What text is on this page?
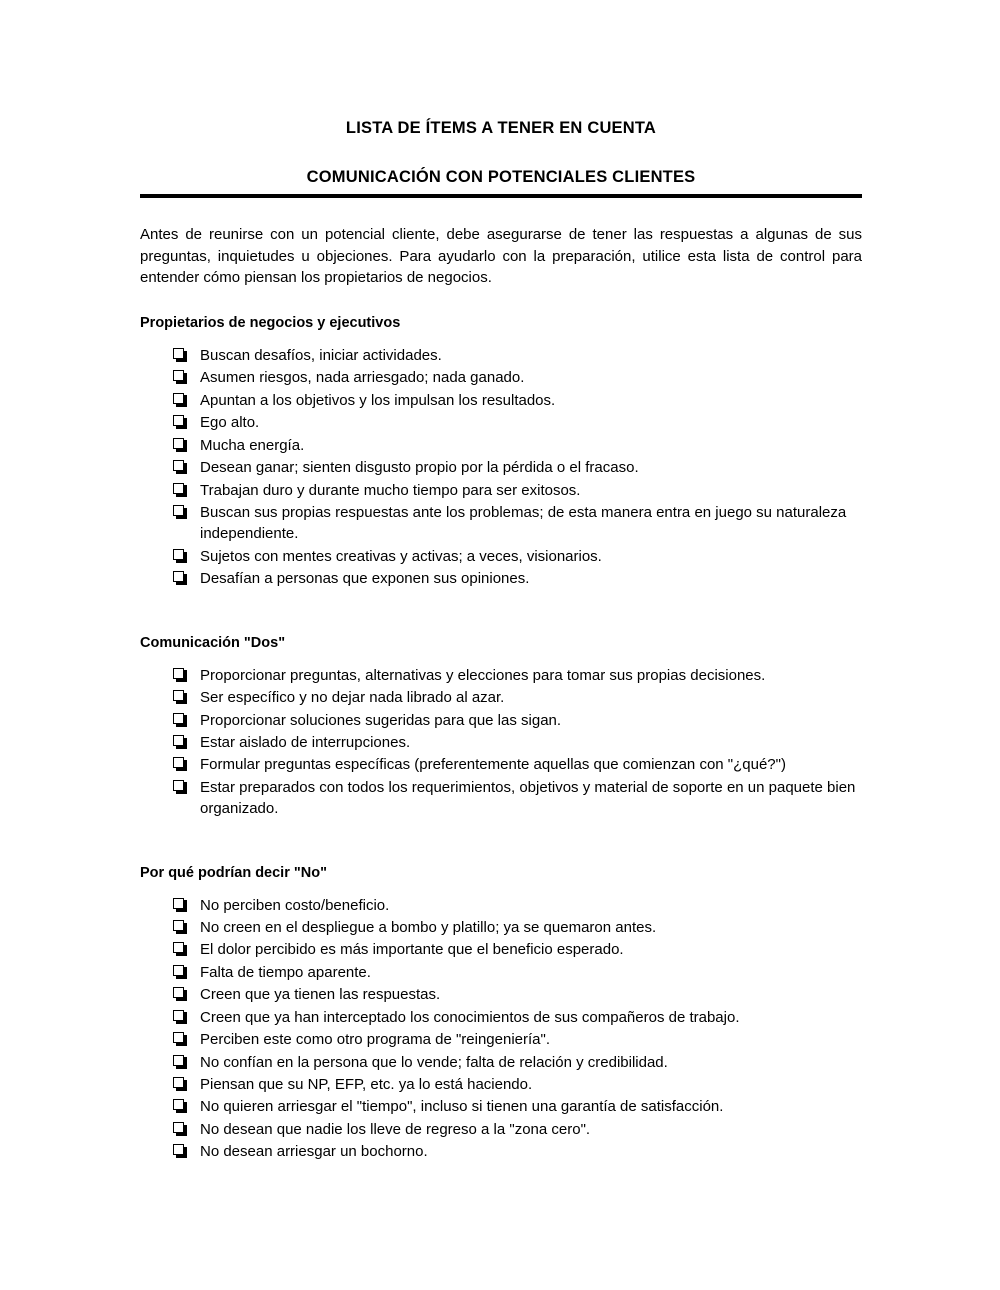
LISTA DE ÍTEMS A TENER EN CUENTA
COMUNICACIÓN CON POTENCIALES CLIENTES

Antes de reunirse con un potencial cliente, debe asegurarse de tener las respuestas a algunas de sus preguntas, inquietudes u objeciones. Para ayudarlo con la preparación, utilice esta lista de control para entender cómo piensan los propietarios de negocios.

Propietarios de negocios y ejecutivos
Buscan desafíos, iniciar actividades.
Asumen riesgos, nada arriesgado; nada ganado.
Apuntan a los objetivos y los impulsan los resultados.
Ego alto.
Mucha energía.
Desean ganar; sienten disgusto propio por la pérdida o el fracaso.
Trabajan duro y durante mucho tiempo para ser exitosos.
Buscan sus propias respuestas ante los problemas; de esta manera entra en juego su naturaleza independiente.
Sujetos con mentes creativas y activas; a veces, visionarios.
Desafían a personas que exponen sus opiniones.
Comunicación "Dos"
Proporcionar preguntas, alternativas y elecciones para tomar sus propias decisiones.
Ser específico y no dejar nada librado al azar.
Proporcionar soluciones sugeridas para que las sigan.
Estar aislado de interrupciones.
Formular preguntas específicas (preferentemente aquellas que comienzan con "¿qué?")
Estar preparados con todos los requerimientos, objetivos y material de soporte en un paquete bien organizado.
Por qué podrían decir "No"
No perciben costo/beneficio.
No creen en el despliegue a bombo y platillo; ya se quemaron antes.
El dolor percibido es más importante que el beneficio esperado.
Falta de tiempo aparente.
Creen que ya tienen las respuestas.
Creen que ya han interceptado los conocimientos de sus compañeros de trabajo.
Perciben este como otro programa de "reingeniería".
No confían en la persona que lo vende; falta de relación y credibilidad.
Piensan que su NP, EFP, etc. ya lo está haciendo.
No quieren arriesgar el "tiempo", incluso si tienen una garantía de satisfacción.
No desean que nadie los lleve de regreso a la "zona cero".
No desean arriesgar un bochorno.
